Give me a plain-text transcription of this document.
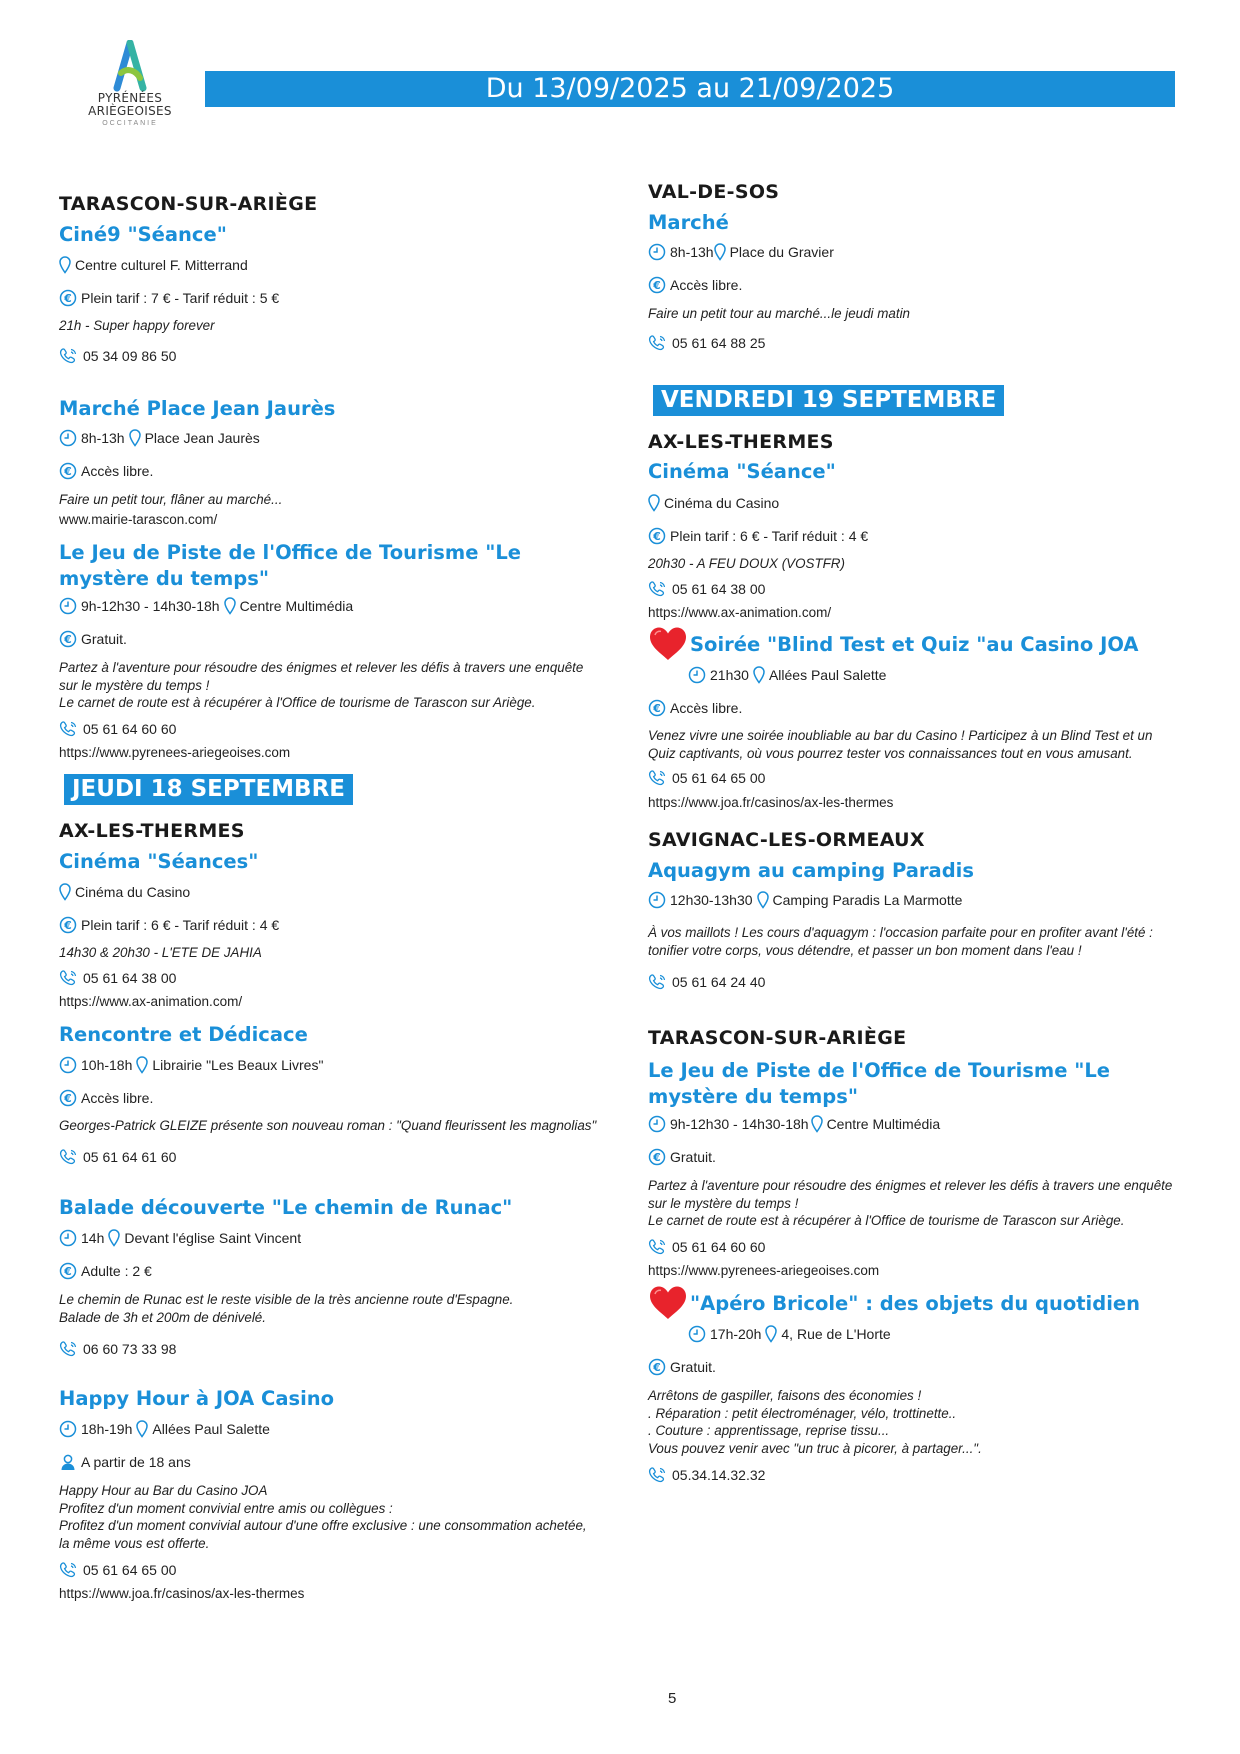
PYRÉNÉES
ARIÈGEOISES
OCCITANIE
Du 13/09/2025 au 21/09/2025
TARASCON-SUR-ARIÈGE
Ciné9 "Séance"
Centre culturel F. Mitterrand
Plein tarif : 7 € - Tarif réduit : 5 €
21h - Super happy forever
05 34 09 86 50
Marché Place Jean Jaurès
8h-13h Place Jean Jaurès
Accès libre.
Faire un petit tour, flâner au marché...
www.mairie-tarascon.com/
Le Jeu de Piste de l'Office de Tourisme "Le mystère du temps"
9h-12h30 - 14h30-18h Centre Multimédia
Gratuit.
Partez à l'aventure pour résoudre des énigmes et relever les défis à travers une enquête
sur le mystère du temps !
Le carnet de route est à récupérer à l'Office de tourisme de Tarascon sur Ariège.
05 61 64 60 60
https://www.pyrenees-ariegeoises.com
JEUDI 18 SEPTEMBRE
AX-LES-THERMES
Cinéma "Séances"
Cinéma du Casino
Plein tarif : 6 € - Tarif réduit : 4 €
14h30 & 20h30 - L'ETE DE JAHIA
05 61 64 38 00
https://www.ax-animation.com/
Rencontre et Dédicace
10h-18h Librairie "Les Beaux Livres"
Accès libre.
Georges-Patrick GLEIZE présente son nouveau roman : "Quand fleurissent les magnolias"
05 61 64 61 60
Balade découverte "Le chemin de Runac"
14h Devant l'église Saint Vincent
Adulte : 2 €
Le chemin de Runac est le reste visible de la très ancienne route d'Espagne.
Balade de 3h et 200m de dénivelé.
06 60 73 33 98
Happy Hour à JOA Casino
18h-19h Allées Paul Salette
A partir de 18 ans
Happy Hour au Bar du Casino JOA
Profitez d'un moment convivial entre amis ou collègues :
Profitez d'un moment convivial autour d'une offre exclusive : une consommation achetée,
la même vous est offerte.
05 61 64 65 00
https://www.joa.fr/casinos/ax-les-thermes
VAL-DE-SOS
Marché
8h-13h Place du Gravier
Accès libre.
Faire un petit tour au marché...le jeudi matin
05 61 64 88 25
VENDREDI 19 SEPTEMBRE
AX-LES-THERMES
Cinéma "Séance"
Cinéma du Casino
Plein tarif : 6 € - Tarif réduit : 4 €
20h30 - A FEU DOUX (VOSTFR)
05 61 64 38 00
https://www.ax-animation.com/
Soirée "Blind Test et Quiz "au Casino JOA
21h30 Allées Paul Salette
Accès libre.
Venez vivre une soirée inoubliable au bar du Casino ! Participez à un Blind Test et un
Quiz captivants, où vous pourrez tester vos connaissances tout en vous amusant.
05 61 64 65 00
https://www.joa.fr/casinos/ax-les-thermes
SAVIGNAC-LES-ORMEAUX
Aquagym au camping Paradis
12h30-13h30 Camping Paradis La Marmotte
À vos maillots ! Les cours d'aquagym : l'occasion parfaite pour en profiter avant l'été :
tonifier votre corps, vous détendre, et passer un bon moment dans l'eau !
05 61 64 24 40
TARASCON-SUR-ARIÈGE
Le Jeu de Piste de l'Office de Tourisme "Le mystère du temps"
9h-12h30 - 14h30-18h Centre Multimédia
Gratuit.
Partez à l'aventure pour résoudre des énigmes et relever les défis à travers une enquête
sur le mystère du temps !
Le carnet de route est à récupérer à l'Office de tourisme de Tarascon sur Ariège.
05 61 64 60 60
https://www.pyrenees-ariegeoises.com
"Apéro Bricole" : des objets du quotidien
17h-20h 4, Rue de L'Horte
Gratuit.
Arrêtons de gaspiller, faisons des économies !
. Réparation : petit électroménager, vélo, trottinette..
. Couture : apprentissage, reprise tissu...
Vous pouvez venir avec "un truc à picorer, à partager...".
05.34.14.32.32
5
